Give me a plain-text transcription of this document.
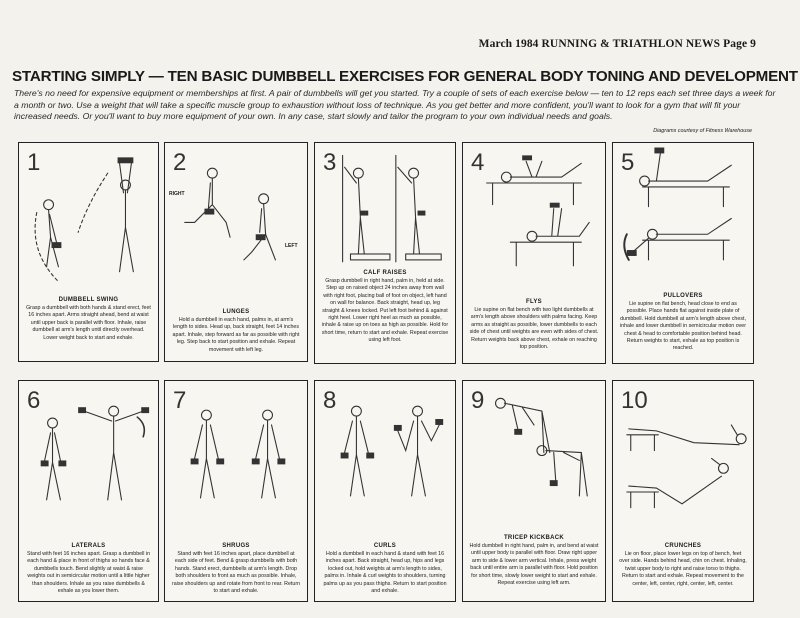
March 1984 RUNNING & TRIATHLON NEWS Page 9
STARTING SIMPLY — TEN BASIC DUMBBELL EXERCISES FOR GENERAL BODY TONING AND DEVELOPMENT
There's no need for expensive equipment or memberships at first. A pair of dumbbells will get you started. Try a couple of sets of each exercise below — ten to 12 reps each set three days a week for a month or two. Use a weight that will take a specific muscle group to exhaustion without loss of technique. As you get better and more confident, you'll want to look for a gym that will fit your increased needs. Or you'll want to buy more equipment of your own. In any case, start slowly and tailor the program to your own individual needs and goals.
Diagrams courtesy of Fitness Warehouse
1
DUMBBELL SWING
Grasp a dumbbell with both hands & stand erect, feet 16 inches apart. Arms straight ahead, bend at waist until upper back is parallel with floor. Inhale, raise dumbbell at arm's length until directly overhead. Lower weight back to start and exhale.
2
RIGHT
LEFT
LUNGES
Hold a dumbbell in each hand, palms in, at arm's length to sides. Head up, back straight, feet 14 inches apart. Inhale, step forward as far as possible with right leg. Step back to start position and exhale. Repeat movement with left leg.
3
CALF RAISES
Grasp dumbbell in right hand, palm in, held at side. Step up on raised object 24 inches away from wall with right foot, placing ball of foot on object, left hand on wall for balance. Back straight, head up, leg straight & knees locked. Put left foot behind & against right heel. Lower right heel as much as possible, inhale & raise up on toes as high as possible. Hold for short time, return to start and exhale. Repeat exercise using left foot.
4
FLYS
Lie supine on flat bench with two light dumbbells at arm's length above shoulders with palms facing. Keep arms as straight as possible, lower dumbbells to each side of chest until weights are even with sides of chest. Return weights back above chest, exhale on reaching top position.
5
PULLOVERS
Lie supine on flat bench, head close to end as possible. Place hands flat against inside plate of dumbbell. Hold dumbbell at arm's length above chest, inhale and lower dumbbell in semicircular motion over chest & head to comfortable position behind head. Return weights to start, exhale as top position is reached.
6
LATERALS
Stand with feet 16 inches apart. Grasp a dumbbell in each hand & place in front of thighs so hands face & dumbbells touch. Bend slightly at waist & raise weights out in semicircular motion until a little higher than shoulders. Inhale as you raise dumbbells & exhale as you lower them.
7
SHRUGS
Stand with feet 16 inches apart, place dumbbell at each side of feet. Bend & grasp dumbbells with both hands. Stand erect, dumbbells at arm's length. Drop both shoulders to front as much as possible. Inhale, raise shoulders up and rotate from front to rear. Return to start and exhale.
8
CURLS
Hold a dumbbell in each hand & stand with feet 16 inches apart. Back straight, head up, hips and legs locked out, hold weights at arm's length to sides, palms in. Inhale & curl weights to shoulders, turning palms up as you pass thighs. Return to start position and exhale.
9
TRICEP KICKBACK
Hold dumbbell in right hand, palm in, and bend at waist until upper body is parallel with floor. Draw right upper arm to side & lower arm vertical. Inhale, press weight back until entire arm is parallel with floor. Hold position for short time, slowly lower weight to start and exhale. Repeat exercise using left arm.
10
CRUNCHES
Lie on floor, place lower legs on top of bench, feet over side. Hands behind head, chin on chest. Inhaling, twist upper body to right and raise torso to thighs. Return to start and exhale. Repeat movement to the center, left, center, right, center, left, center.
